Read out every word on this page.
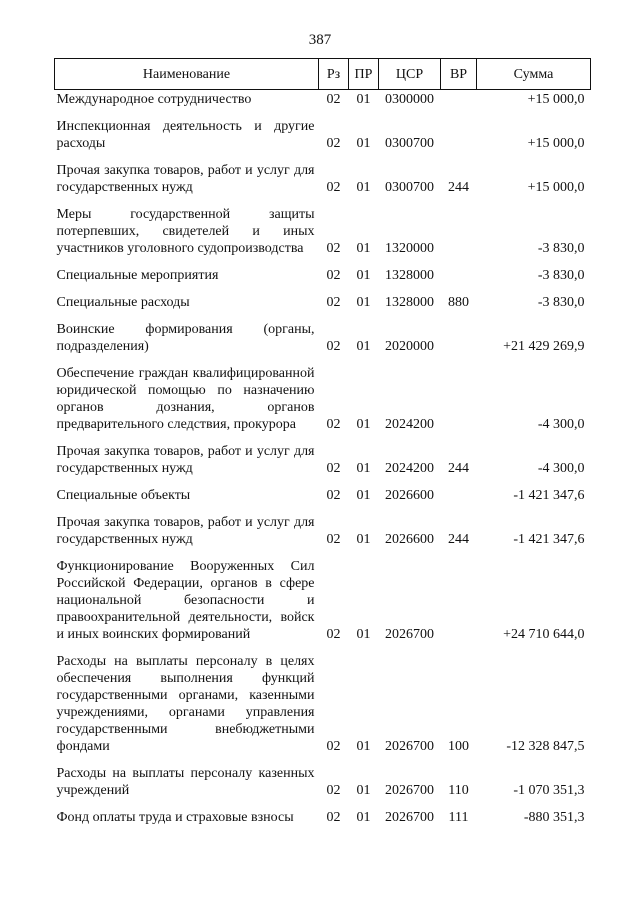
387
Наименование	Рз	ПР	ЦСР	ВР	Сумма
Международное сотрудничество	02	01	0300000		+15 000,0
Инспекционная деятельность и другие расходы	02	01	0300700		+15 000,0
Прочая закупка товаров, работ и услуг для государственных нужд	02	01	0300700	244	+15 000,0
Меры государственной защиты потерпевших, свидетелей и иных участников уголовного судопроизводства	02	01	1320000		-3 830,0
Специальные мероприятия	02	01	1328000		-3 830,0
Специальные расходы	02	01	1328000	880	-3 830,0
Воинские формирования (органы, подразделения)	02	01	2020000		+21 429 269,9
Обеспечение граждан квалифицированной юридической помощью по назначению органов дознания, органов предварительного следствия, прокурора	02	01	2024200		-4 300,0
Прочая закупка товаров, работ и услуг для государственных нужд	02	01	2024200	244	-4 300,0
Специальные объекты	02	01	2026600		-1 421 347,6
Прочая закупка товаров, работ и услуг для государственных нужд	02	01	2026600	244	-1 421 347,6
Функционирование Вооруженных Сил Российской Федерации, органов в сфере национальной безопасности и правоохранительной деятельности, войск и иных воинских формирований	02	01	2026700		+24 710 644,0
Расходы на выплаты персоналу в целях обеспечения выполнения функций государственными органами, казенными учреждениями, органами управления государственными внебюджетными фондами	02	01	2026700	100	-12 328 847,5
Расходы на выплаты персоналу казенных учреждений	02	01	2026700	110	-1 070 351,3
Фонд оплаты труда и страховые взносы	02	01	2026700	111	-880 351,3
